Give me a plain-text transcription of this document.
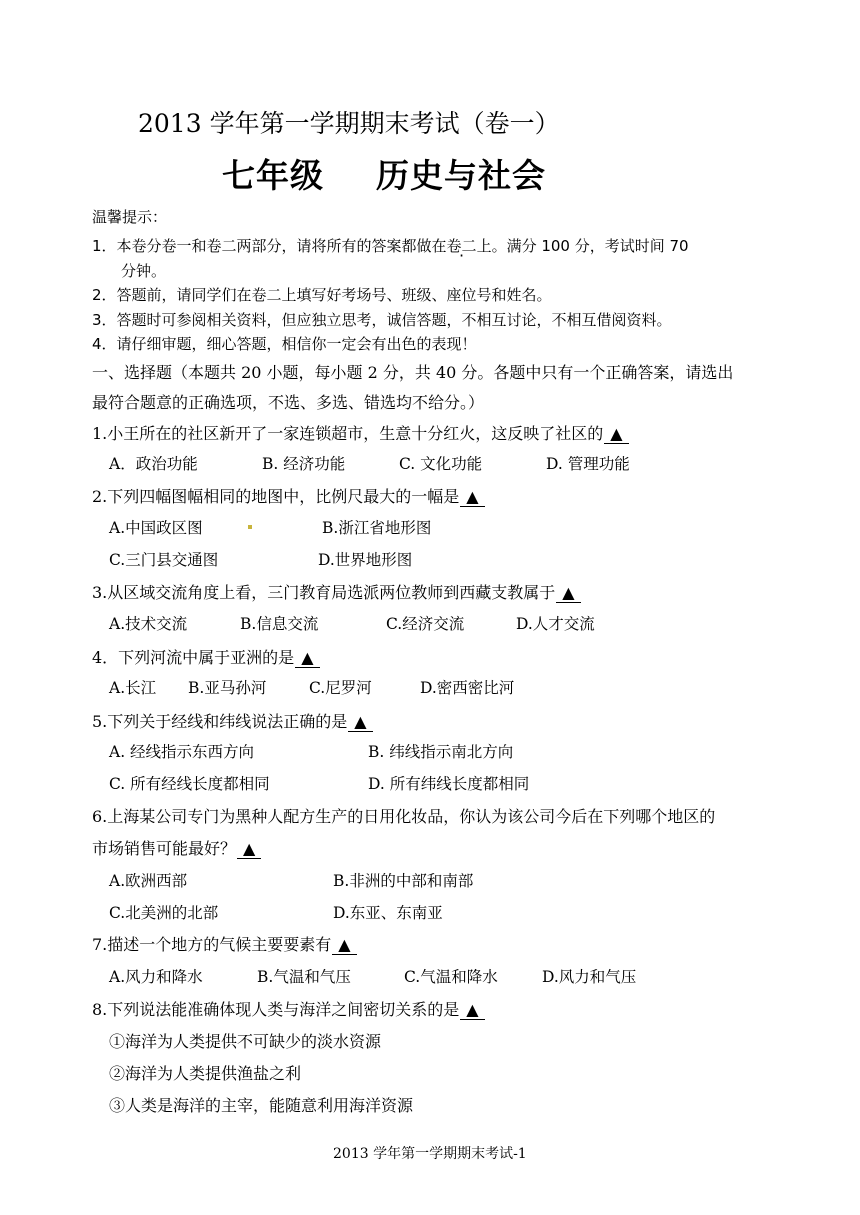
2013 学年第一学期期末考试（卷一）
七年级 历史与社会
温馨提示：
1．本卷分卷一和卷二两部分，请将所有的答案都做在卷二上。满分 100 分，考试时间 70
分钟。
2．答题前，请同学们在卷二上填写好考场号、班级、座位号和姓名。
3．答题时可参阅相关资料，但应独立思考，诚信答题，不相互讨论，不相互借阅资料。
4．请仔细审题，细心答题，相信你一定会有出色的表现！
一、选择题（本题共 20 小题，每小题 2 分，共 40 分。各题中只有一个正确答案，请选出
最符合题意的正确选项，不选、多选、错选均不给分。）
1.小王所在的社区新开了一家连锁超市，生意十分红火，这反映了社区的 ▲
A．政治功能	B. 经济功能	C. 文化功能	D. 管理功能
2.下列四幅图幅相同的地图中，比例尺最大的一幅是 ▲
A.中国政区图	B.浙江省地形图
C.三门县交通图	D.世界地形图
3.从区域交流角度上看，三门教育局选派两位教师到西藏支教属于 ▲
A.技术交流	B.信息交流	C.经济交流	D.人才交流
4．下列河流中属于亚洲的是 ▲
A.长江 B.亚马孙河	C.尼罗河	D.密西密比河
5.下列关于经线和纬线说法正确的是 ▲
A. 经线指示东西方向	B. 纬线指示南北方向
C. 所有经线长度都相同	D. 所有纬线长度都相同
6.上海某公司专门为黑种人配方生产的日用化妆品，你认为该公司今后在下列哪个地区的
市场销售可能最好？ ▲
A.欧洲西部	B.非洲的中部和南部
C.北美洲的北部	D.东亚、东南亚
7.描述一个地方的气候主要要素有 ▲
A.风力和降水	B.气温和气压	C.气温和降水	D.风力和气压
8.下列说法能准确体现人类与海洋之间密切关系的是 ▲
①海洋为人类提供不可缺少的淡水资源
②海洋为人类提供渔盐之利
③人类是海洋的主宰，能随意利用海洋资源
2013 学年第一学期期末考试-1
